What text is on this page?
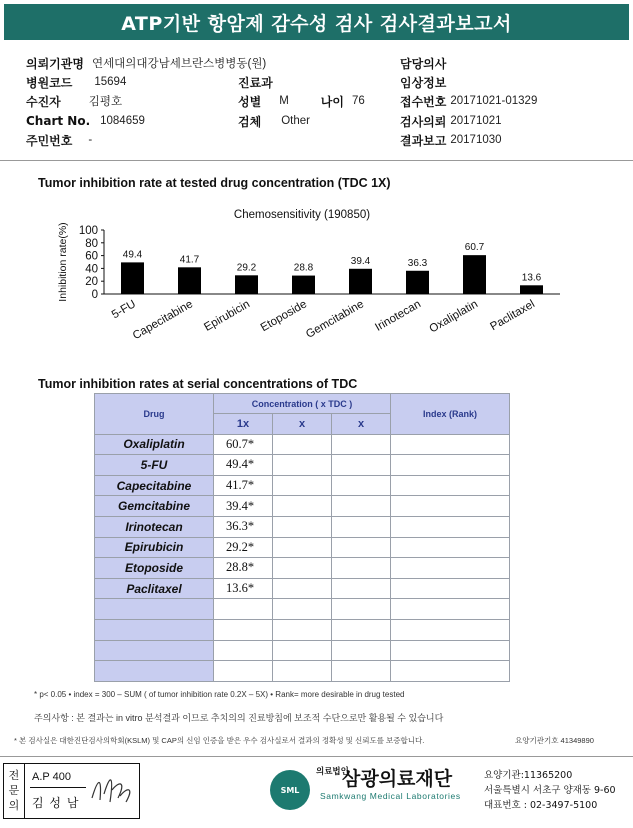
ATP기반 항암제 감수성 검사 검사결과보고서
의뢰기관명 연세대의대강남세브란스병병동(원)	담당의사
병원코드 15694	진료과	임상정보
수진자 김평호	성별 M	나이 76	접수번호 20171021-01329
Chart No. 1084659	검체 Other	검사의뢰 20171021
주민번호 -	결과보고 20171030
Tumor inhibition rate at tested drug concentration (TDC 1X)
Chemosensitivity (190850)
Inhibition rate(%) 0
20
40
60
80
100
49.4
5-FU
41.7
Capecitabine
29.2
Epirubicin
28.8
Etoposide
39.4
Gemcitabine
36.3
Irinotecan
60.7
Oxaliplatin
13.6
Paclitaxel
Tumor inhibition rates at serial concentrations of TDC
Drug	Concentration ( x TDC )			Index (Rank)
	1x	x	x	
Oxaliplatin	60.7*			
5-FU	49.4*			
Capecitabine	41.7*			
Gemcitabine	39.4*			
Irinotecan	36.3*			
Epirubicin	29.2*			
Etoposide	28.8*			
Paclitaxel	13.6*			

* p< 0.05 • index = 300 – SUM ( of tumor inhibition rate 0.2X – 5X) • Rank= more desirable in drug tested
주의사항 : 본 결과는 in vitro 분석결과 이므로 추치의의 진료방침에 보조적 수단으로만 활용될 수 있습니다
* 본 검사실은 대한진단검사의학회(KSLM) 및 CAP의 신임 인증을 받은 우수 검사실로서 결과의 정확성 및 신뢰도를 보증합니다.	요양기관기호 41349890
전문의
A.P 400
김 성 남
SML
의료법인
삼광의료재단
Samkwang Medical Laboratories
요양기관:11365200
서울특별시 서초구 양재동 9-60
대표번호 : 02-3497-5100
